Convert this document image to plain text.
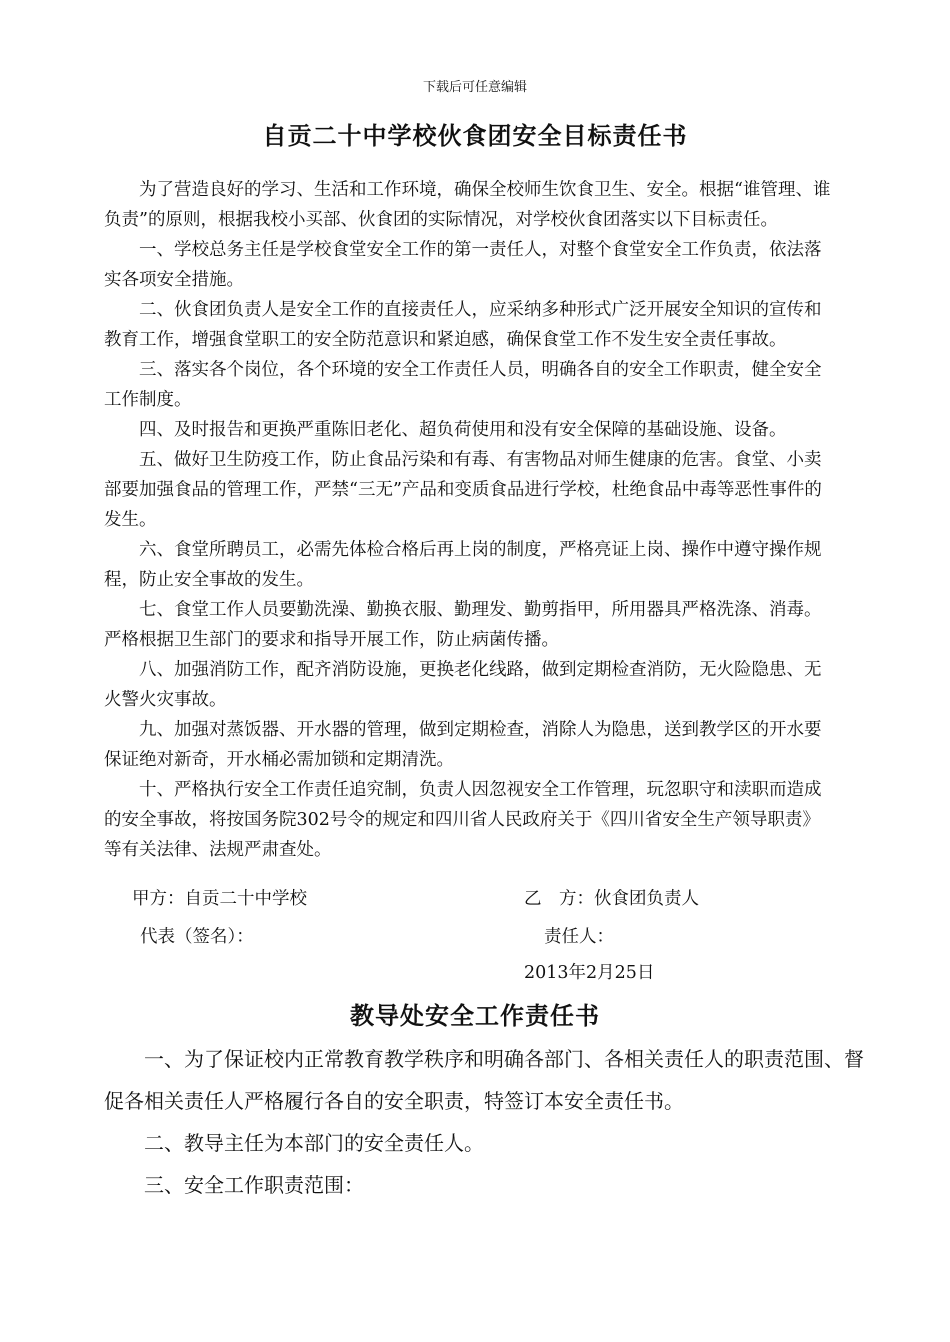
下载后可任意编辑
自贡二十中学校伙食团安全目标责任书

为了营造良好的学习、生活和工作环境，确保全校师生饮食卫生、安全。根据“谁管理、谁负责”的原则，根据我校小买部、伙食团的实际情况，对学校伙食团落实以下目标责任。

一、学校总务主任是学校食堂安全工作的第一责任人，对整个食堂安全工作负责，依法落实各项安全措施。

二、伙食团负责人是安全工作的直接责任人，应采纳多种形式广泛开展安全知识的宣传和教育工作，增强食堂职工的安全防范意识和紧迫感，确保食堂工作不发生安全责任事故。

三、落实各个岗位，各个环境的安全工作责任人员，明确各自的安全工作职责，健全安全工作制度。

四、及时报告和更换严重陈旧老化、超负荷使用和没有安全保障的基础设施、设备。

五、做好卫生防疫工作，防止食品污染和有毒、有害物品对师生健康的危害。食堂、小卖部要加强食品的管理工作，严禁“三无”产品和变质食品进行学校，杜绝食品中毒等恶性事件的发生。

六、食堂所聘员工，必需先体检合格后再上岗的制度，严格亮证上岗、操作中遵守操作规程，防止安全事故的发生。

七、食堂工作人员要勤洗澡、勤换衣服、勤理发、勤剪指甲，所用器具严格洗涤、消毒。严格根据卫生部门的要求和指导开展工作，防止病菌传播。

八、加强消防工作，配齐消防设施，更换老化线路，做到定期检查消防，无火险隐患、无火警火灾事故。

九、加强对蒸饭器、开水器的管理，做到定期检查，消除人为隐患，送到教学区的开水要保证绝对新奇，开水桶必需加锁和定期清洗。

十、严格执行安全工作责任追究制，负责人因忽视安全工作管理，玩忽职守和渎职而造成的安全事故，将按国务院302号令的规定和四川省人民政府关于《四川省安全生产领导职责》等有关法律、法规严肃查处。

甲方：自贡二十中学校	乙　方：伙食团负责人
代表（签名）：	责任人：
2013年2月25日
教导处安全工作责任书

一、为了保证校内正常教育教学秩序和明确各部门、各相关责任人的职责范围、督促各相关责任人严格履行各自的安全职责，特签订本安全责任书。

二、教导主任为本部门的安全责任人。

三、安全工作职责范围：
